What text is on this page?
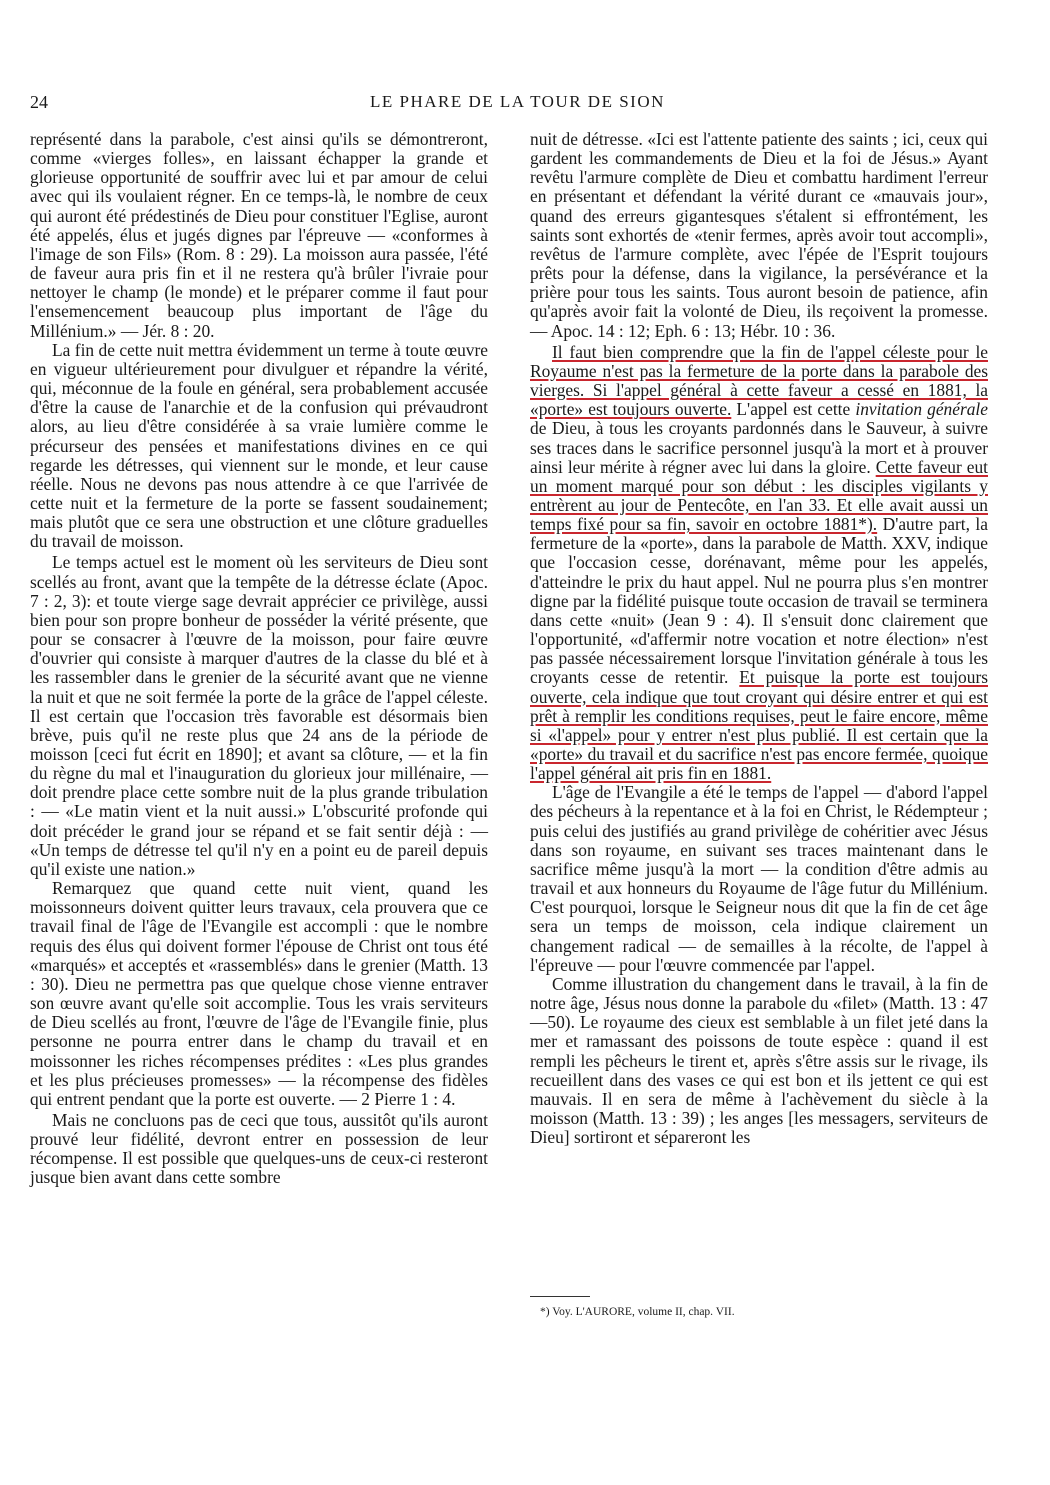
24	LE PHARE DE LA TOUR DE SION

représenté dans la parabole, c'est ainsi qu'ils se démontreront, comme «vierges folles», en laissant échapper la grande et glorieuse opportunité de souffrir avec lui et par amour de celui avec qui ils voulaient régner. En ce temps-là, le nombre de ceux qui auront été prédestinés de Dieu pour constituer l'Eglise, auront été appelés, élus et jugés dignes par l'épreuve — «conformes à l'image de son Fils» (Rom. 8 : 29). La moisson aura passée, l'été de faveur aura pris fin et il ne restera qu'à brûler l'ivraie pour nettoyer le champ (le monde) et le préparer comme il faut pour l'ensemencement beaucoup plus important de l'âge du Millénium.» — Jér. 8 : 20.

La fin de cette nuit mettra évidemment un terme à toute œuvre en vigueur ultérieurement pour divulguer et répandre la vérité, qui, méconnue de la foule en général, sera probablement accusée d'être la cause de l'anarchie et de la confusion qui prévaudront alors, au lieu d'être considérée à sa vraie lumière comme le précurseur des pensées et manifestations divines en ce qui regarde les détresses, qui viennent sur le monde, et leur cause réelle. Nous ne devons pas nous attendre à ce que l'arrivée de cette nuit et la fermeture de la porte se fassent soudainement; mais plutôt que ce sera une obstruction et une clôture graduelles du travail de moisson.

Le temps actuel est le moment où les serviteurs de Dieu sont scellés au front, avant que la tempête de la détresse éclate (Apoc. 7 : 2, 3): et toute vierge sage devrait apprécier ce privilège, aussi bien pour son propre bonheur de posséder la vérité présente, que pour se consacrer à l'œuvre de la moisson, pour faire œuvre d'ouvrier qui consiste à marquer d'autres de la classe du blé et à les rassembler dans le grenier de la sécurité avant que ne vienne la nuit et que ne soit fermée la porte de la grâce de l'appel céleste. Il est certain que l'occasion très favorable est désormais bien brève, puis qu'il ne reste plus que 24 ans de la période de moisson [ceci fut écrit en 1890]; et avant sa clôture, — et la fin du règne du mal et l'inauguration du glorieux jour millénaire, — doit prendre place cette sombre nuit de la plus grande tribulation : — «Le matin vient et la nuit aussi.» L'obscurité profonde qui doit précéder le grand jour se répand et se fait sentir déjà : — «Un temps de détresse tel qu'il n'y en a point eu de pareil depuis qu'il existe une nation.»

Remarquez que quand cette nuit vient, quand les moissonneurs doivent quitter leurs travaux, cela prouvera que ce travail final de l'âge de l'Evangile est accompli : que le nombre requis des élus qui doivent former l'épouse de Christ ont tous été «marqués» et acceptés et «rassemblés» dans le grenier (Matth. 13 : 30). Dieu ne permettra pas que quelque chose vienne entraver son œuvre avant qu'elle soit accomplie. Tous les vrais serviteurs de Dieu scellés au front, l'œuvre de l'âge de l'Evangile finie, plus personne ne pourra entrer dans le champ du travail et en moissonner les riches récompenses prédites : «Les plus grandes et les plus précieuses promesses» — la récompense des fidèles qui entrent pendant que la porte est ouverte. — 2 Pierre 1 : 4.

Mais ne concluons pas de ceci que tous, aussitôt qu'ils auront prouvé leur fidélité, devront entrer en possession de leur récompense. Il est possible que quelques-uns de ceux-ci resteront jusque bien avant dans cette sombre

nuit de détresse. «Ici est l'attente patiente des saints ; ici, ceux qui gardent les commandements de Dieu et la foi de Jésus.» Ayant revêtu l'armure complète de Dieu et combattu hardiment l'erreur en présentant et défendant la vérité durant ce «mauvais jour», quand des erreurs gigantesques s'étalent si effrontément, les saints sont exhortés de «tenir fermes, après avoir tout accompli», revêtus de l'armure complète, avec l'épée de l'Esprit toujours prêts pour la défense, dans la vigilance, la persévérance et la prière pour tous les saints. Tous auront besoin de patience, afin qu'après avoir fait la volonté de Dieu, ils reçoivent la promesse. — Apoc. 14 : 12; Eph. 6 : 13; Hébr. 10 : 36.

Il faut bien comprendre que la fin de l'appel céleste pour le Royaume n'est pas la fermeture de la porte dans la parabole des vierges. Si l'appel général à cette faveur a cessé en 1881, la «porte» est toujours ouverte. L'appel est cette invitation générale de Dieu, à tous les croyants pardonnés dans le Sauveur, à suivre ses traces dans le sacrifice personnel jusqu'à la mort et à prouver ainsi leur mérite à régner avec lui dans la gloire. Cette faveur eut un moment marqué pour son début : les disciples vigilants y entrèrent au jour de Pentecôte, en l'an 33. Et elle avait aussi un temps fixé pour sa fin, savoir en octobre 1881*). D'autre part, la fermeture de la «porte», dans la parabole de Matth. XXV, indique que l'occasion cesse, dorénavant, même pour les appelés, d'atteindre le prix du haut appel. Nul ne pourra plus s'en montrer digne par la fidélité puisque toute occasion de travail se terminera dans cette «nuit» (Jean 9 : 4). Il s'ensuit donc clairement que l'opportunité, «d'affermir notre vocation et notre élection» n'est pas passée nécessairement lorsque l'invitation générale à tous les croyants cesse de retentir. Et puisque la porte est toujours ouverte, cela indique que tout croyant qui désire entrer et qui est prêt à remplir les conditions requises, peut le faire encore, même si «l'appel» pour y entrer n'est plus publié. Il est certain que la «porte» du travail et du sacrifice n'est pas encore fermée, quoique l'appel général ait pris fin en 1881.

L'âge de l'Evangile a été le temps de l'appel — d'abord l'appel des pécheurs à la repentance et à la foi en Christ, le Rédempteur ; puis celui des justifiés au grand privilège de cohéritier avec Jésus dans son royaume, en suivant ses traces maintenant dans le sacrifice même jusqu'à la mort — la condition d'être admis au travail et aux honneurs du Royaume de l'âge futur du Millénium. C'est pourquoi, lorsque le Seigneur nous dit que la fin de cet âge sera un temps de moisson, cela indique clairement un changement radical — de semailles à la récolte, de l'appel à l'épreuve — pour l'œuvre commencée par l'appel.

Comme illustration du changement dans le travail, à la fin de notre âge, Jésus nous donne la parabole du «filet» (Matth. 13 : 47—50). Le royaume des cieux est semblable à un filet jeté dans la mer et ramassant des poissons de toute espèce : quand il est rempli les pêcheurs le tirent et, après s'être assis sur le rivage, ils recueillent dans des vases ce qui est bon et ils jettent ce qui est mauvais. Il en sera de même à l'achèvement du siècle à la moisson (Matth. 13 : 39) ; les anges [les messagers, serviteurs de Dieu] sortiront et sépareront les

*) Voy. L'AURORE, volume II, chap. VII.
